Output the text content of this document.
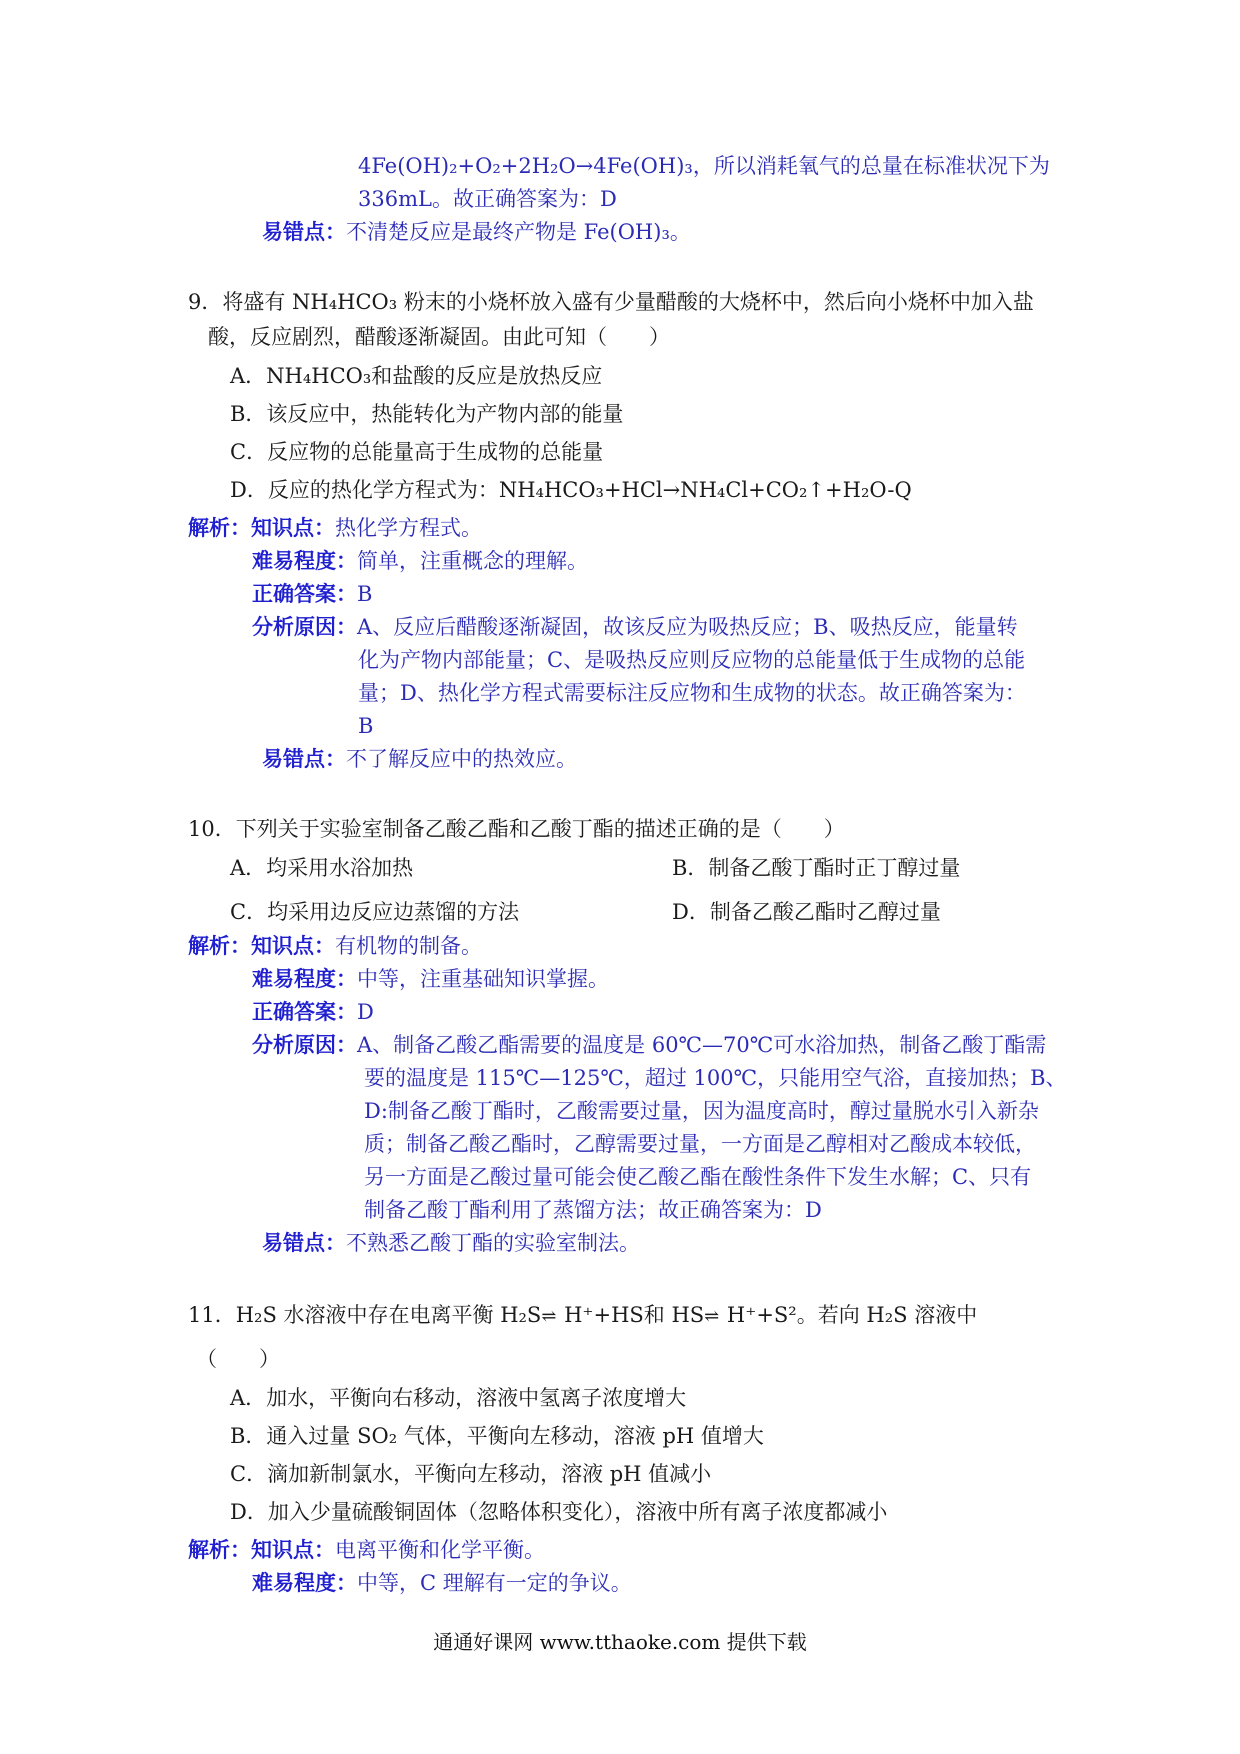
4Fe(OH)₂+O₂+2H₂O→4Fe(OH)₃，所以消耗氧气的总量在标准状况下为
336mL。故正确答案为：D
易错点：不清楚反应是最终产物是 Fe(OH)₃。
9．将盛有 NH₄HCO₃ 粉末的小烧杯放入盛有少量醋酸的大烧杯中，然后向小烧杯中加入盐
酸，反应剧烈，醋酸逐渐凝固。由此可知（　　）
A．NH₄HCO₃和盐酸的反应是放热反应
B．该反应中，热能转化为产物内部的能量
C．反应物的总能量高于生成物的总能量
D．反应的热化学方程式为：NH₄HCO₃+HCl→NH₄Cl+CO₂↑+H₂O-Q
解析：知识点：热化学方程式。
难易程度：简单，注重概念的理解。
正确答案：B
分析原因：A、反应后醋酸逐渐凝固，故该反应为吸热反应；B、吸热反应，能量转
化为产物内部能量；C、是吸热反应则反应物的总能量低于生成物的总能
量；D、热化学方程式需要标注反应物和生成物的状态。故正确答案为：
B
易错点：不了解反应中的热效应。
10．下列关于实验室制备乙酸乙酯和乙酸丁酯的描述正确的是（　　）
A．均采用水浴加热	B．制备乙酸丁酯时正丁醇过量
C．均采用边反应边蒸馏的方法	D．制备乙酸乙酯时乙醇过量
解析：知识点：有机物的制备。
难易程度：中等，注重基础知识掌握。
正确答案：D
分析原因：A、制备乙酸乙酯需要的温度是 60℃—70℃可水浴加热，制备乙酸丁酯需
要的温度是 115℃—125℃，超过 100℃，只能用空气浴，直接加热；B、
D:制备乙酸丁酯时，乙酸需要过量，因为温度高时，醇过量脱水引入新杂
质；制备乙酸乙酯时，乙醇需要过量，一方面是乙醇相对乙酸成本较低，
另一方面是乙酸过量可能会使乙酸乙酯在酸性条件下发生水解；C、只有
制备乙酸丁酯利用了蒸馏方法；故正确答案为：D
易错点：不熟悉乙酸丁酯的实验室制法。
11．H₂S 水溶液中存在电离平衡 H₂S⇌ H⁺+HS和 HS⇌ H⁺+S²。若向 H₂S 溶液中
（　　）
A．加水，平衡向右移动，溶液中氢离子浓度增大
B．通入过量 SO₂ 气体，平衡向左移动，溶液 pH 值增大
C．滴加新制氯水，平衡向左移动，溶液 pH 值减小
D．加入少量硫酸铜固体（忽略体积变化），溶液中所有离子浓度都减小
解析：知识点：电离平衡和化学平衡。
难易程度：中等，C 理解有一定的争议。
通通好课网 www.tthaoke.com 提供下载
